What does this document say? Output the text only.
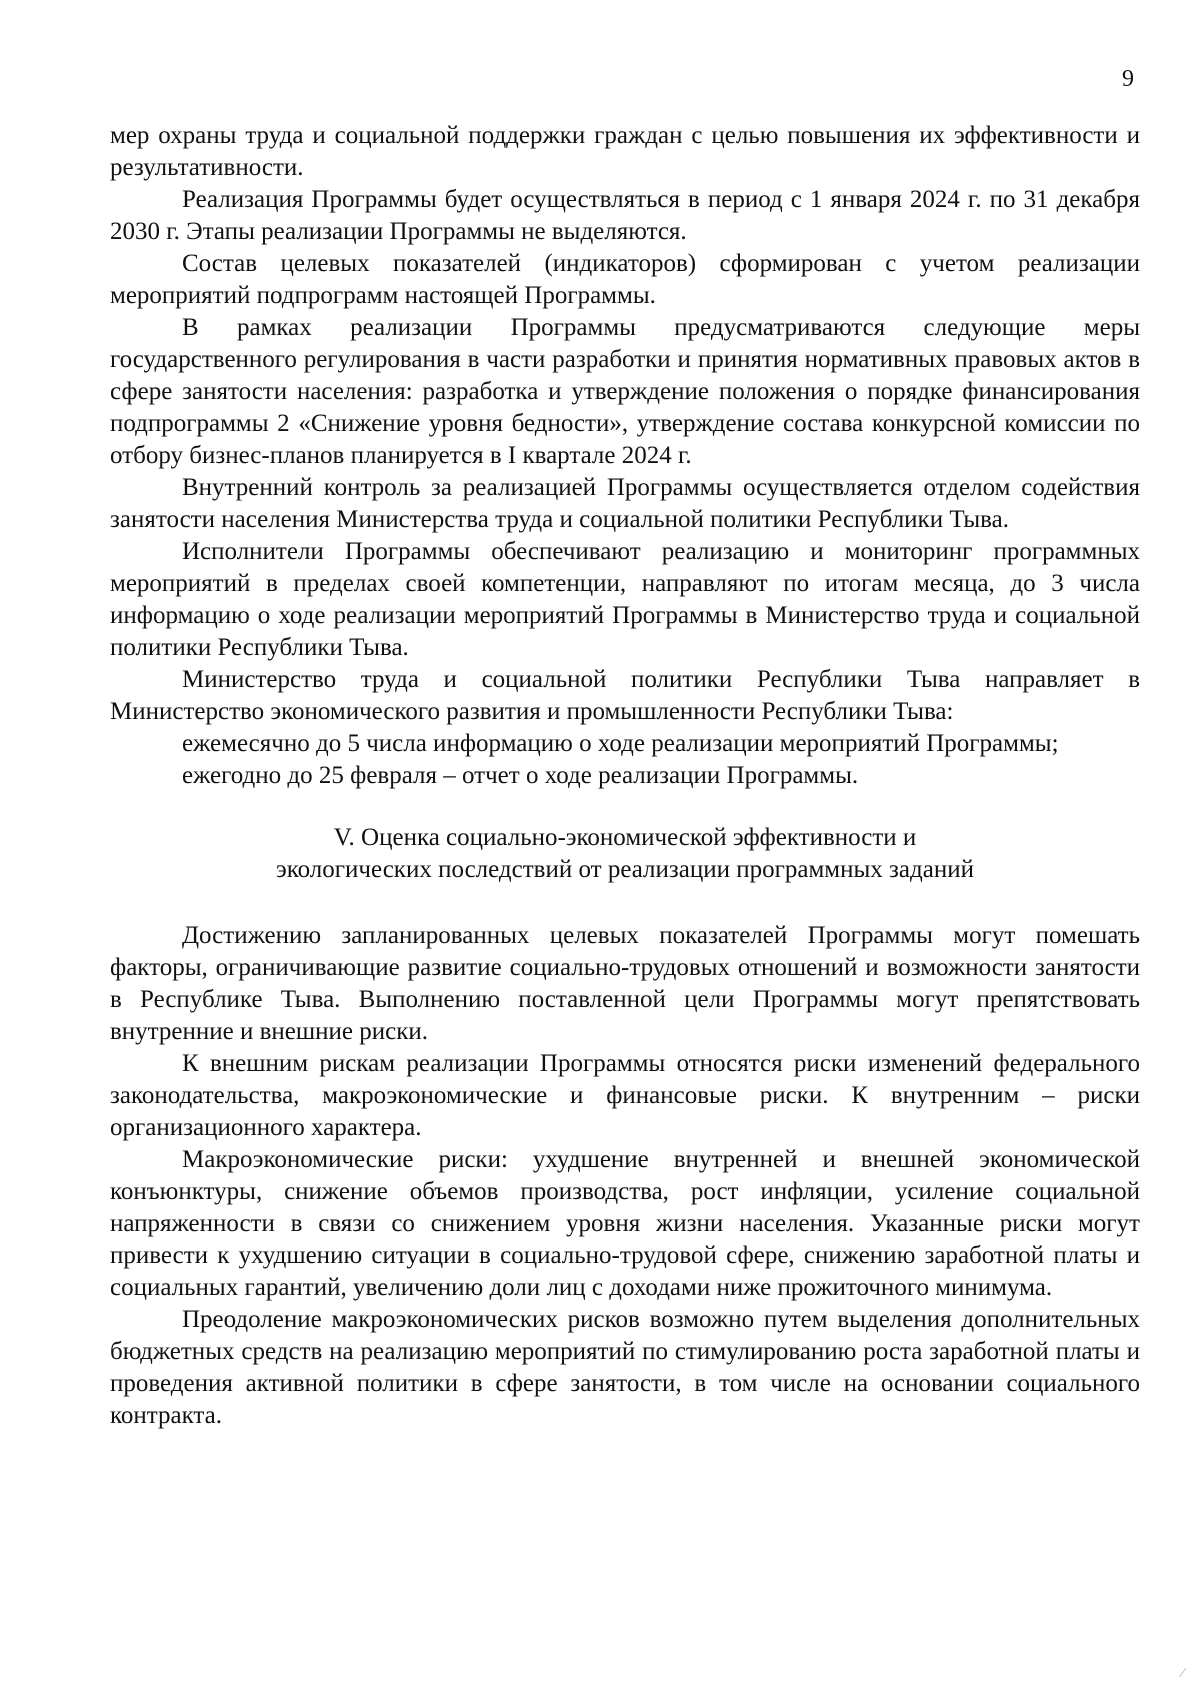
9

мер охраны труда и социальной поддержки граждан с целью повышения их эффективности и результативности.

Реализация Программы будет осуществляться в период с 1 января 2024 г. по 31 декабря 2030 г. Этапы реализации Программы не выделяются.

Состав целевых показателей (индикаторов) сформирован с учетом реализации мероприятий подпрограмм настоящей Программы.

В рамках реализации Программы предусматриваются следующие меры государственного регулирования в части разработки и принятия нормативных правовых актов в сфере занятости населения: разработка и утверждение положения о порядке финансирования подпрограммы 2 «Снижение уровня бедности», утверждение состава конкурсной комиссии по отбору бизнес-планов планируется в I квартале 2024 г.

Внутренний контроль за реализацией Программы осуществляется отделом содействия занятости населения Министерства труда и социальной политики Республики Тыва.

Исполнители Программы обеспечивают реализацию и мониторинг программных мероприятий в пределах своей компетенции, направляют по итогам месяца, до 3 числа информацию о ходе реализации мероприятий Программы в Министерство труда и социальной политики Республики Тыва.

Министерство труда и социальной политики Республики Тыва направляет в Министерство экономического развития и промышленности Республики Тыва:

ежемесячно до 5 числа информацию о ходе реализации мероприятий Программы;

ежегодно до 25 февраля – отчет о ходе реализации Программы.

V. Оценка социально-экономической эффективности и
экологических последствий от реализации программных заданий

Достижению запланированных целевых показателей Программы могут помешать факторы, ограничивающие развитие социально-трудовых отношений и возможности занятости в Республике Тыва. Выполнению поставленной цели Программы могут препятствовать внутренние и внешние риски.

К внешним рискам реализации Программы относятся риски изменений федерального законодательства, макроэкономические и финансовые риски. К внутренним – риски организационного характера.

Макроэкономические риски: ухудшение внутренней и внешней экономической конъюнктуры, снижение объемов производства, рост инфляции, усиление социальной напряженности в связи со снижением уровня жизни населения. Указанные риски могут привести к ухудшению ситуации в социально-трудовой сфере, снижению заработной платы и социальных гарантий, увеличению доли лиц с доходами ниже прожиточного минимума.

Преодоление макроэкономических рисков возможно путем выделения дополнительных бюджетных средств на реализацию мероприятий по стимулированию роста заработной платы и проведения активной политики в сфере занятости, в том числе на основании социального контракта.

⁄
